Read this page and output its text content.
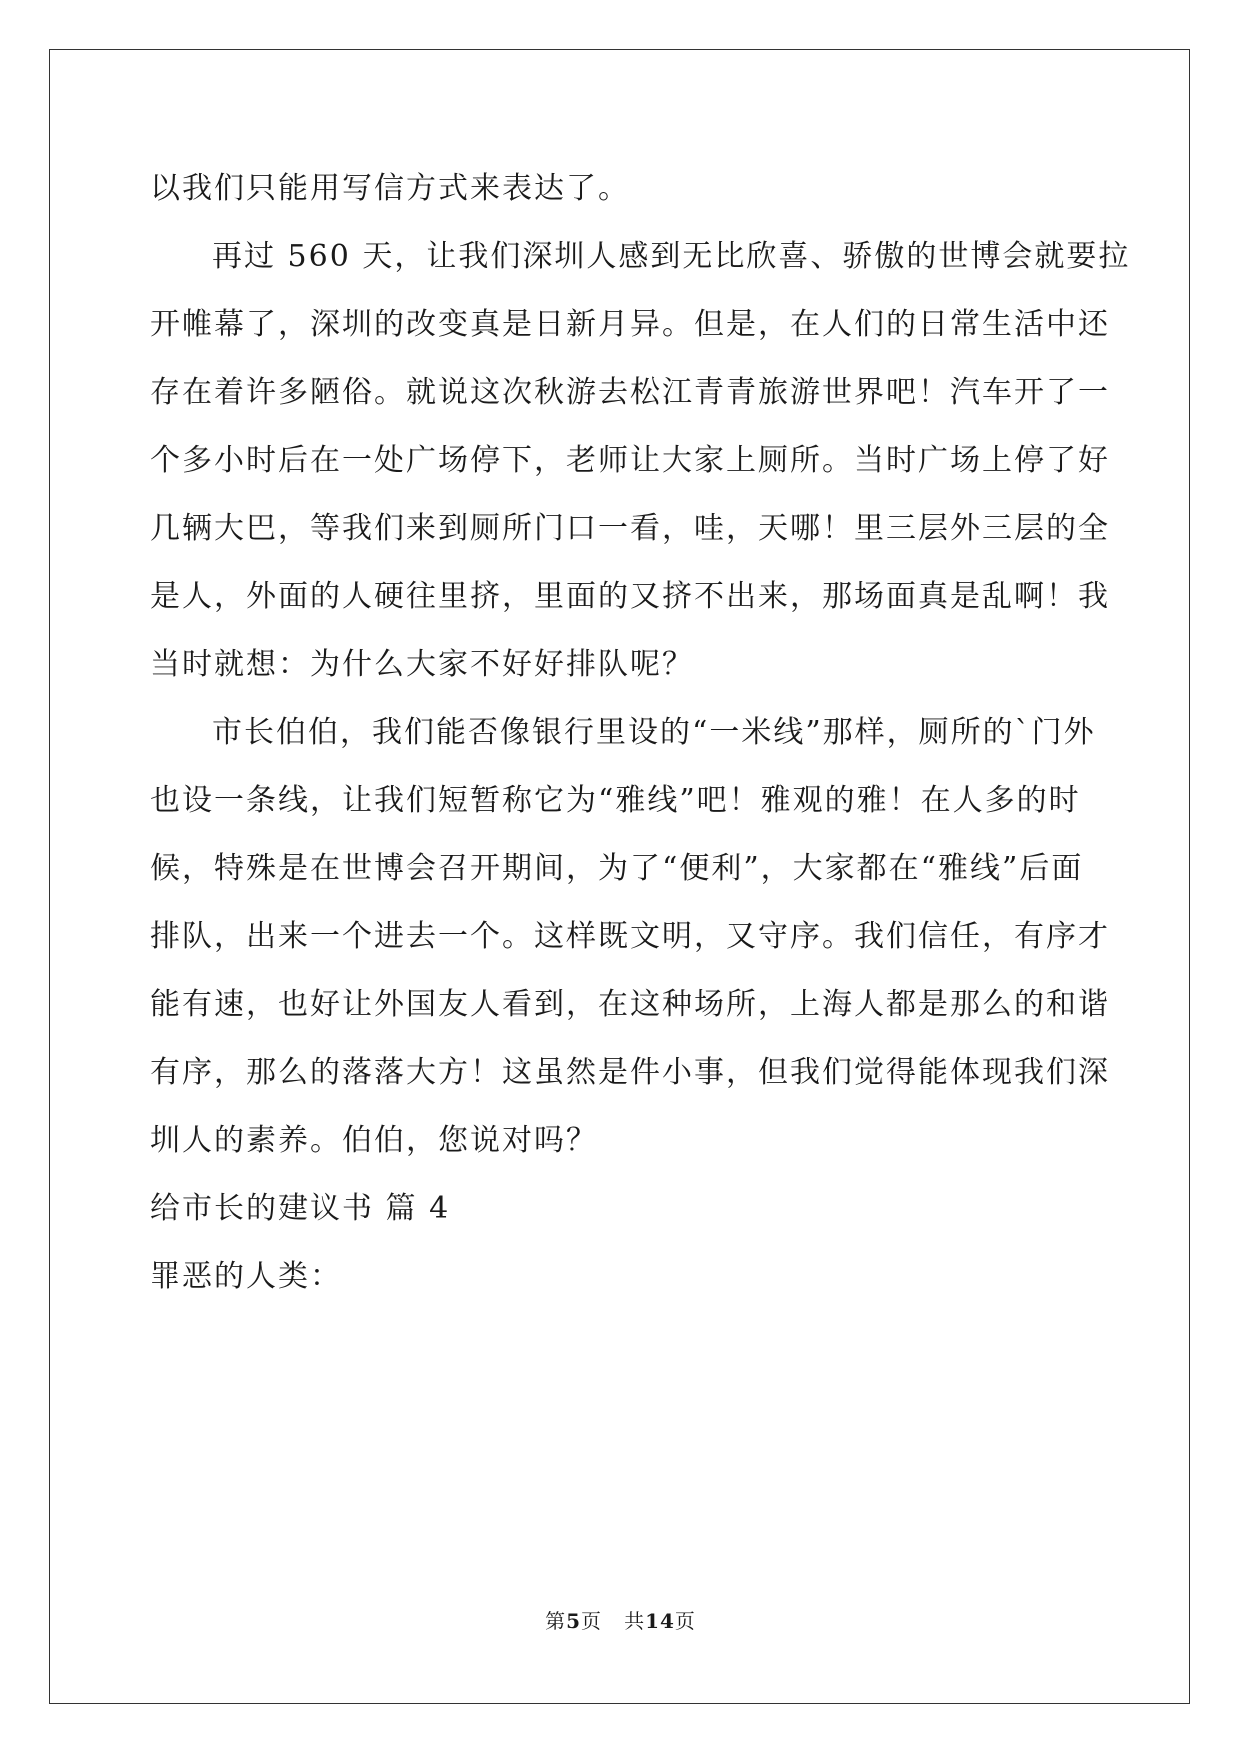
以我们只能用写信方式来表达了。
再过 560 天，让我们深圳人感到无比欣喜、骄傲的世博会就要拉
开帷幕了，深圳的改变真是日新月异。但是，在人们的日常生活中还
存在着许多陋俗。就说这次秋游去松江青青旅游世界吧！汽车开了一
个多小时后在一处广场停下，老师让大家上厕所。当时广场上停了好
几辆大巴，等我们来到厕所门口一看，哇，天哪！里三层外三层的全
是人，外面的人硬往里挤，里面的又挤不出来，那场面真是乱啊！我
当时就想：为什么大家不好好排队呢？
市长伯伯，我们能否像银行里设的“一米线”那样，厕所的`门外
也设一条线，让我们短暂称它为“雅线”吧！雅观的雅！在人多的时
候，特殊是在世博会召开期间，为了“便利”，大家都在“雅线”后面
排队，出来一个进去一个。这样既文明，又守序。我们信任，有序才
能有速，也好让外国友人看到，在这种场所，上海人都是那么的和谐
有序，那么的落落大方！这虽然是件小事，但我们觉得能体现我们深
圳人的素养。伯伯，您说对吗？
给市长的建议书 篇 4
罪恶的人类：
第5页 共14页
